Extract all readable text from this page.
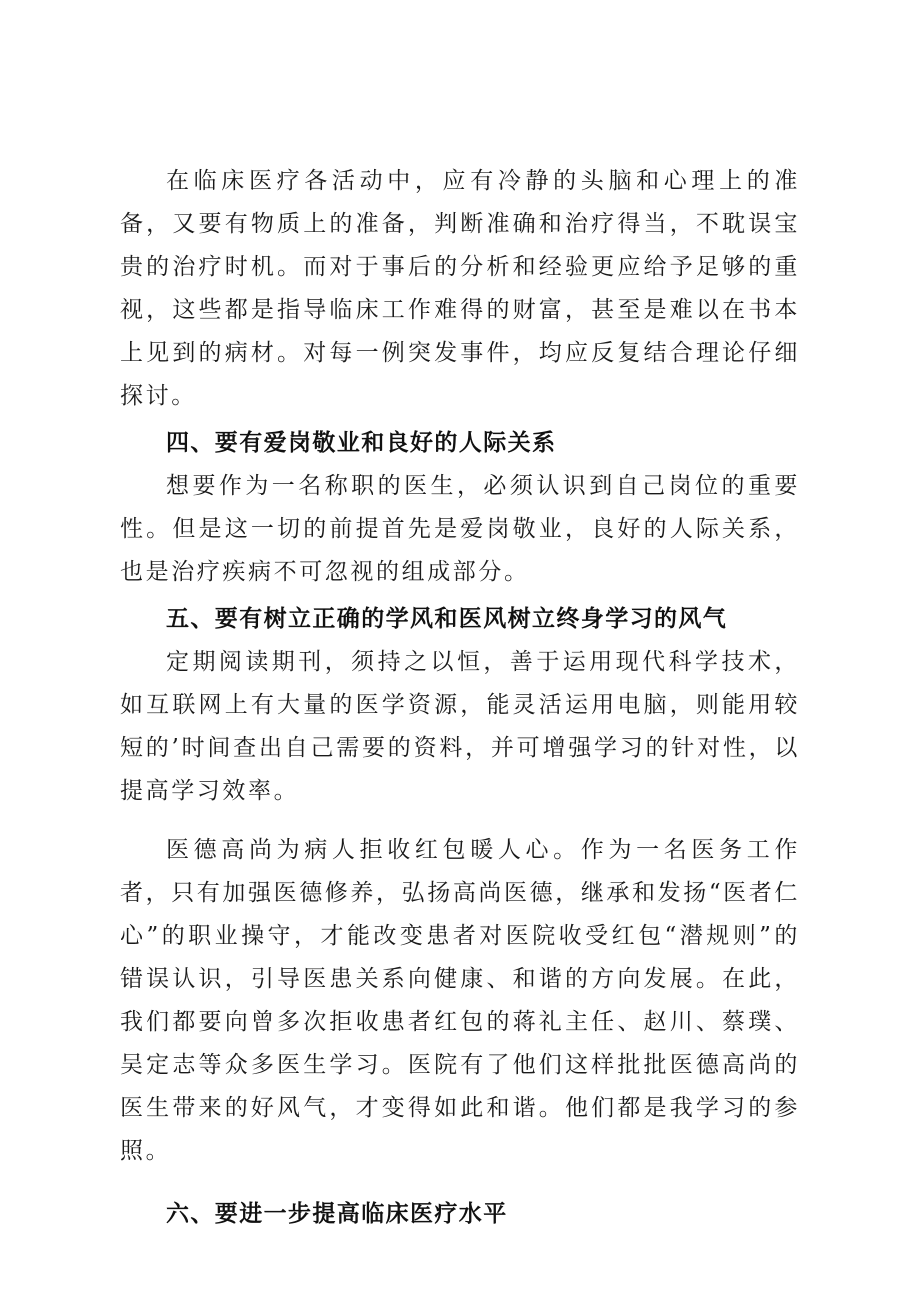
在临床医疗各活动中，应有冷静的头脑和心理上的准备，又要有物质上的准备，判断准确和治疗得当，不耽误宝贵的治疗时机。而对于事后的分析和经验更应给予足够的重视，这些都是指导临床工作难得的财富，甚至是难以在书本上见到的病材。对每一例突发事件，均应反复结合理论仔细探讨。

四、要有爱岗敬业和良好的人际关系

想要作为一名称职的医生，必须认识到自己岗位的重要性。但是这一切的前提首先是爱岗敬业，良好的人际关系，也是治疗疾病不可忽视的组成部分。

五、要有树立正确的学风和医风树立终身学习的风气

定期阅读期刊，须持之以恒，善于运用现代科学技术，如互联网上有大量的医学资源，能灵活运用电脑，则能用较短的’时间查出自己需要的资料，并可增强学习的针对性，以提高学习效率。

医德高尚为病人拒收红包暖人心。作为一名医务工作者，只有加强医德修养，弘扬高尚医德，继承和发扬“医者仁心”的职业操守，才能改变患者对医院收受红包“潜规则”的错误认识，引导医患关系向健康、和谐的方向发展。在此，我们都要向曾多次拒收患者红包的蒋礼主任、赵川、蔡璞、吴定志等众多医生学习。医院有了他们这样批批医德高尚的医生带来的好风气，才变得如此和谐。他们都是我学习的参照。

六、要进一步提高临床医疗水平
